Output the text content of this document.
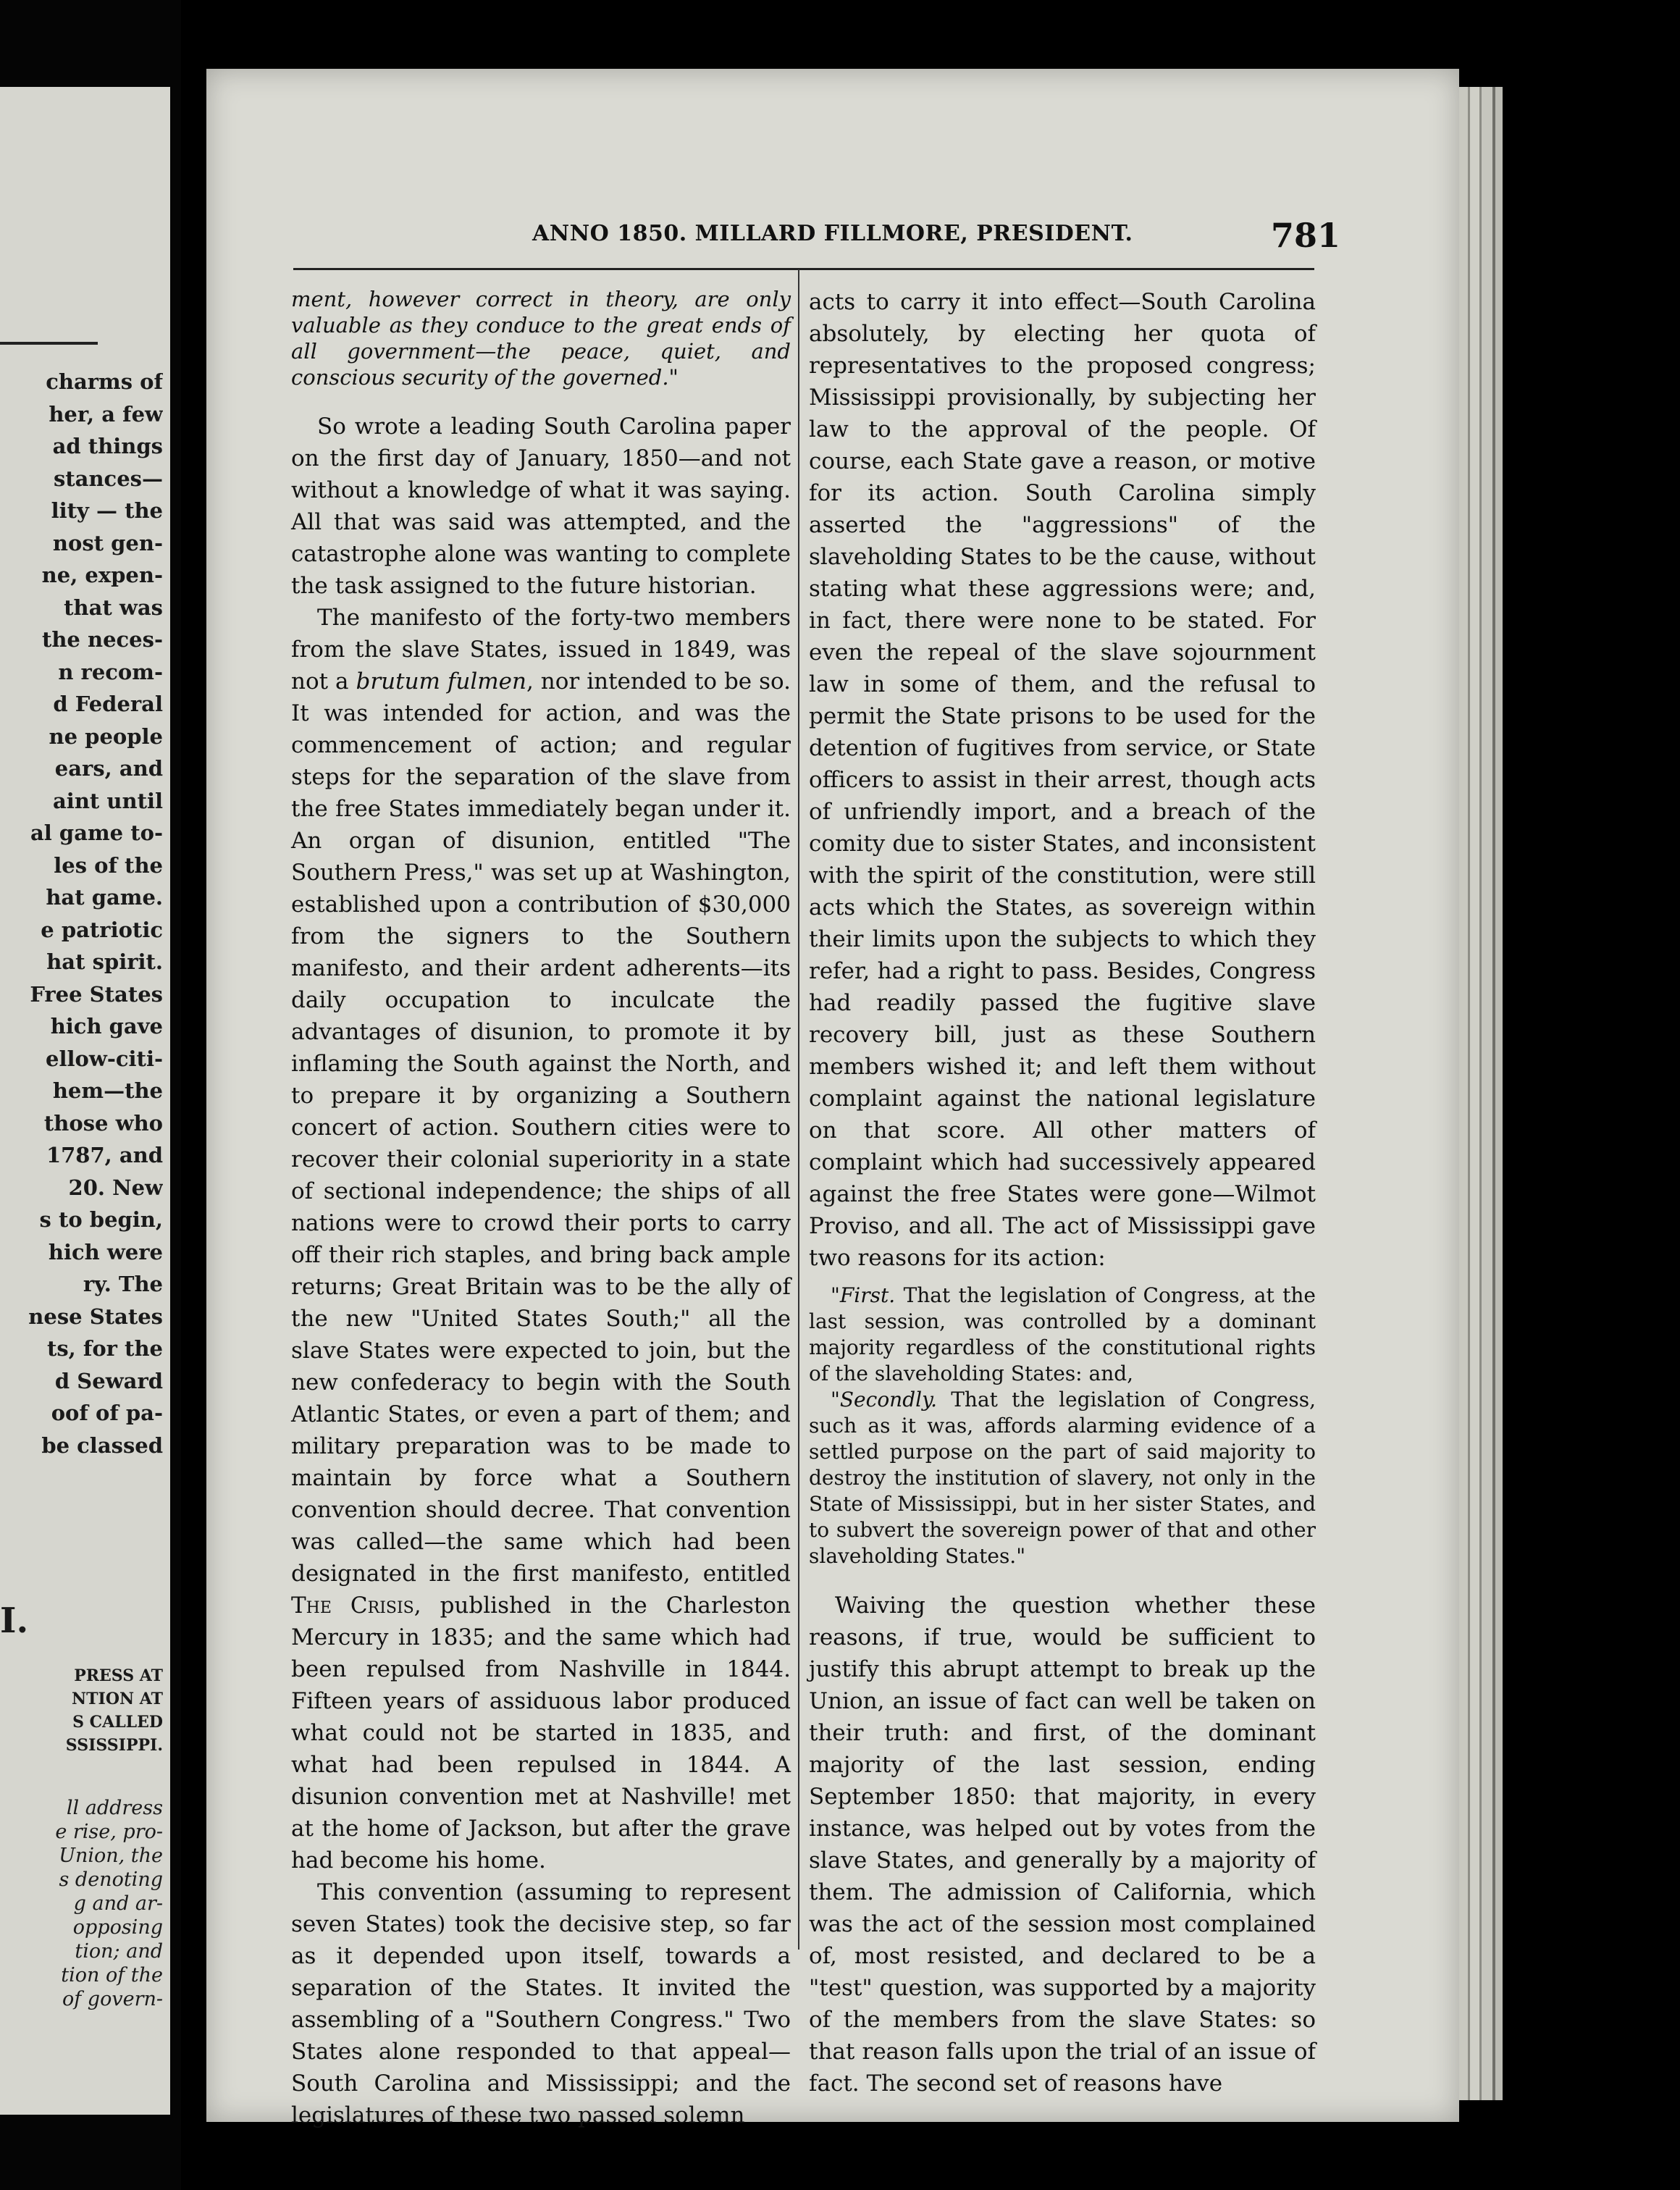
charms of
her, a few
ad things
stances—
lity — the
nost gen-
ne, expen-
that was
the neces-
n recom-
d Federal
ne people
ears, and
aint until
al game to-
les of the
hat game.
e patriotic
hat spirit.
Free States
hich gave
ellow-citi-
hem—the
those who
1787, and
20. New
s to begin,
hich were
ry. The
nese States
ts, for the
d Seward
oof of pa-
be classed
I.
PRESS AT
NTION AT
S CALLED
SSISSIPPI.
ll address
e rise, pro-
Union, the
s denoting
g and ar-
opposing
tion; and
tion of the
of govern-
ANNO 1850. MILLARD FILLMORE, PRESIDENT.	781

ment, however correct in theory, are only valuable as they conduce to the great ends of all government—the peace, quiet, and conscious security of the governed."

So wrote a leading South Carolina paper on the first day of January, 1850—and not without a knowledge of what it was saying. All that was said was attempted, and the catastrophe alone was wanting to complete the task assigned to the future historian.

The manifesto of the forty-two members from the slave States, issued in 1849, was not a brutum fulmen, nor intended to be so. It was intended for action, and was the commencement of action; and regular steps for the separation of the slave from the free States immediately began under it. An organ of disunion, entitled "The Southern Press," was set up at Washington, established upon a contribution of $30,000 from the signers to the Southern manifesto, and their ardent adherents—its daily occupation to inculcate the advantages of disunion, to promote it by inflaming the South against the North, and to prepare it by organizing a Southern concert of action. Southern cities were to recover their colonial superiority in a state of sectional independence; the ships of all nations were to crowd their ports to carry off their rich staples, and bring back ample returns; Great Britain was to be the ally of the new "United States South;" all the slave States were expected to join, but the new confederacy to begin with the South Atlantic States, or even a part of them; and military preparation was to be made to maintain by force what a Southern convention should decree. That convention was called—the same which had been designated in the first manifesto, entitled The Crisis, published in the Charleston Mercury in 1835; and the same which had been repulsed from Nashville in 1844. Fifteen years of assiduous labor produced what could not be started in 1835, and what had been repulsed in 1844. A disunion convention met at Nashville! met at the home of Jackson, but after the grave had become his home.

This convention (assuming to represent seven States) took the decisive step, so far as it depended upon itself, towards a separation of the States. It invited the assembling of a "Southern Congress." Two States alone responded to that appeal—South Carolina and Mississippi; and the legislatures of these two passed solemn

acts to carry it into effect—South Carolina absolutely, by electing her quota of representatives to the proposed congress; Mississippi provisionally, by subjecting her law to the approval of the people. Of course, each State gave a reason, or motive for its action. South Carolina simply asserted the "aggressions" of the slaveholding States to be the cause, without stating what these aggressions were; and, in fact, there were none to be stated. For even the repeal of the slave sojournment law in some of them, and the refusal to permit the State prisons to be used for the detention of fugitives from service, or State officers to assist in their arrest, though acts of unfriendly import, and a breach of the comity due to sister States, and inconsistent with the spirit of the constitution, were still acts which the States, as sovereign within their limits upon the subjects to which they refer, had a right to pass. Besides, Congress had readily passed the fugitive slave recovery bill, just as these Southern members wished it; and left them without complaint against the national legislature on that score. All other matters of complaint which had successively appeared against the free States were gone—Wilmot Proviso, and all. The act of Mississippi gave two reasons for its action:

"First. That the legislation of Congress, at the last session, was controlled by a dominant majority regardless of the constitutional rights of the slaveholding States: and,

"Secondly. That the legislation of Congress, such as it was, affords alarming evidence of a settled purpose on the part of said majority to destroy the institution of slavery, not only in the State of Mississippi, but in her sister States, and to subvert the sovereign power of that and other slaveholding States."

Waiving the question whether these reasons, if true, would be sufficient to justify this abrupt attempt to break up the Union, an issue of fact can well be taken on their truth: and first, of the dominant majority of the last session, ending September 1850: that majority, in every instance, was helped out by votes from the slave States, and generally by a majority of them. The admission of California, which was the act of the session most complained of, most resisted, and declared to be a "test" question, was supported by a majority of the members from the slave States: so that reason falls upon the trial of an issue of fact. The second set of reasons have
